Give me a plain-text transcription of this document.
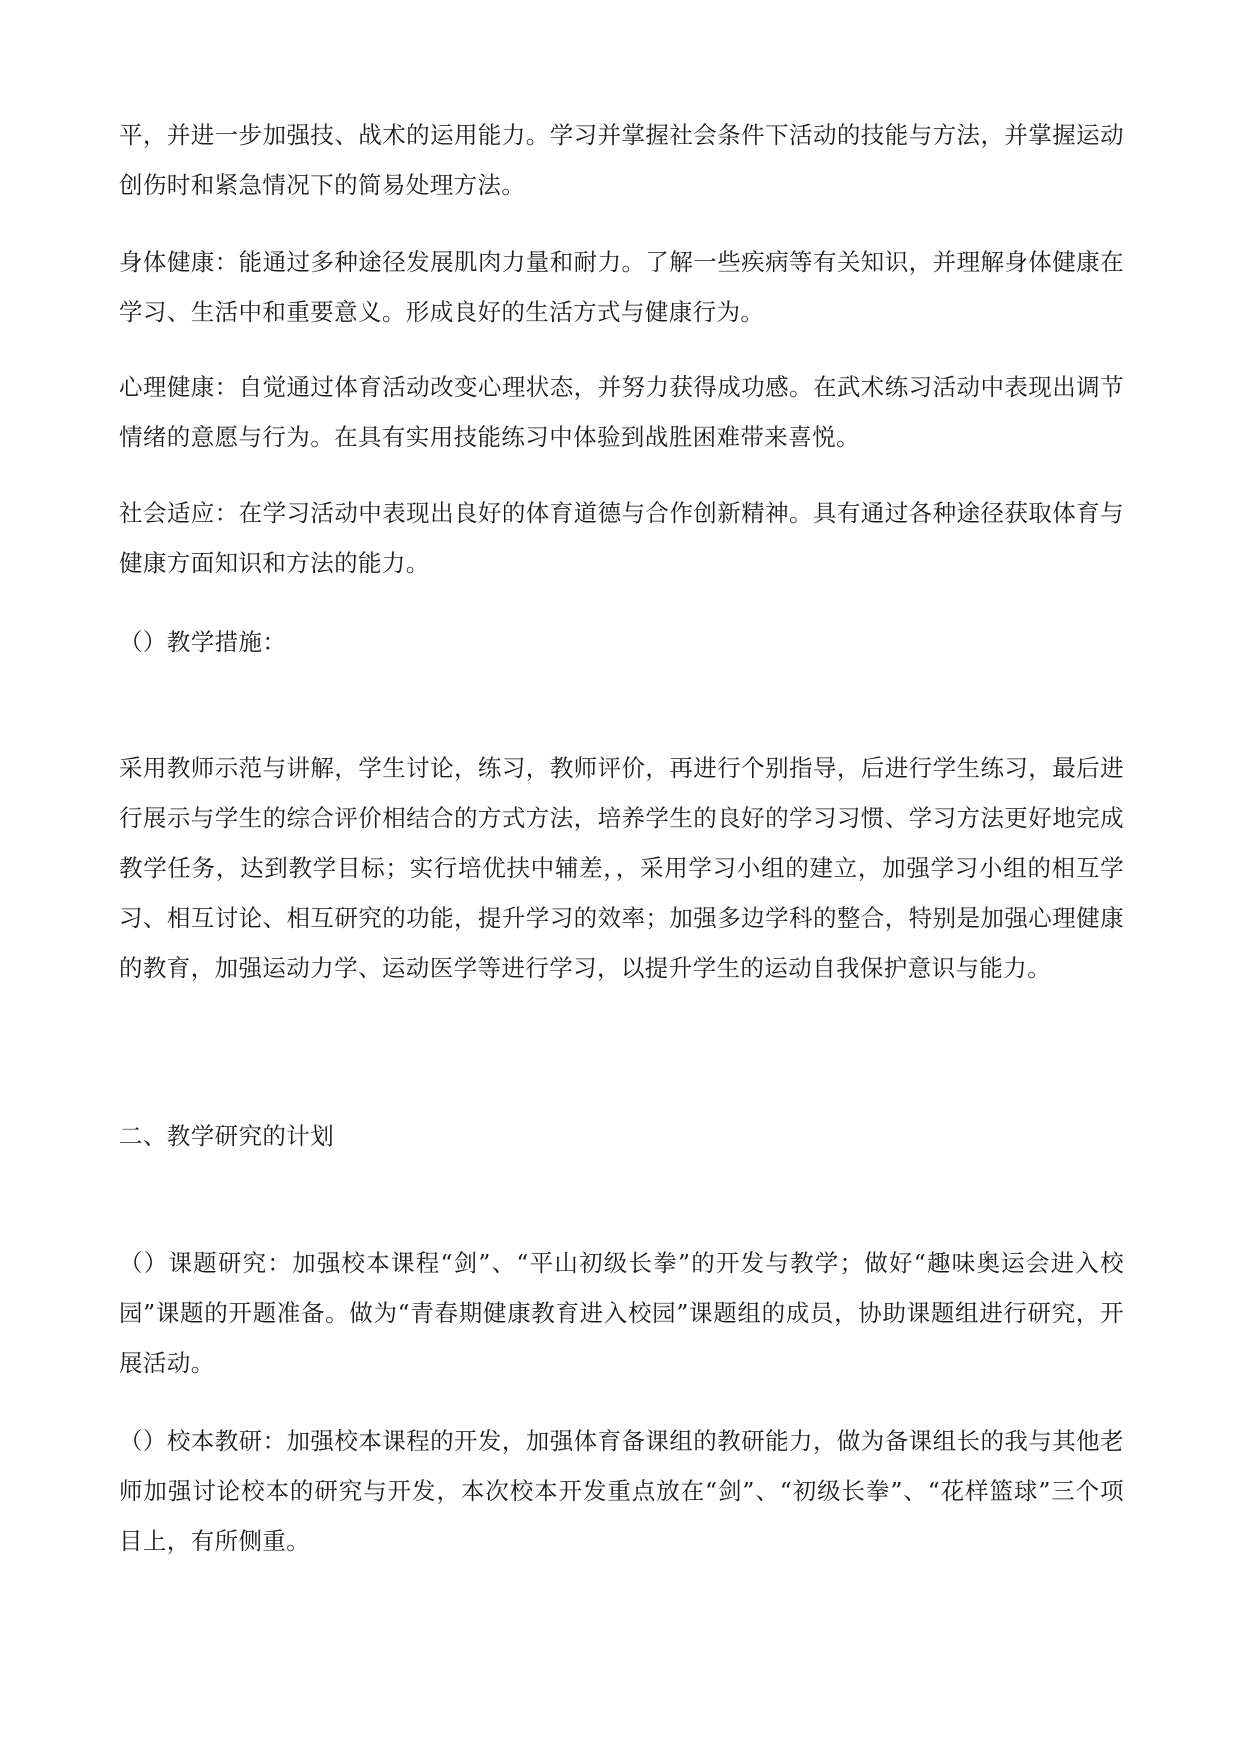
平，并进一步加强技、战术的运用能力。学习并掌握社会条件下活动的技能与方法，并掌握运动创伤时和紧急情况下的简易处理方法。

身体健康：能通过多种途径发展肌肉力量和耐力。了解一些疾病等有关知识，并理解身体健康在学习、生活中和重要意义。形成良好的生活方式与健康行为。

心理健康：自觉通过体育活动改变心理状态，并努力获得成功感。在武术练习活动中表现出调节情绪的意愿与行为。在具有实用技能练习中体验到战胜困难带来喜悦。

社会适应：在学习活动中表现出良好的体育道德与合作创新精神。具有通过各种途径获取体育与健康方面知识和方法的能力。

（）教学措施：

采用教师示范与讲解，学生讨论，练习，教师评价，再进行个别指导，后进行学生练习，最后进行展示与学生的综合评价相结合的方式方法，培养学生的良好的学习习惯、学习方法更好地完成教学任务，达到教学目标；实行培优扶中辅差，，采用学习小组的建立，加强学习小组的相互学习、相互讨论、相互研究的功能，提升学习的效率；加强多边学科的整合，特别是加强心理健康的教育，加强运动力学、运动医学等进行学习，以提升学生的运动自我保护意识与能力。

二、教学研究的计划

（）课题研究：加强校本课程“剑”、“平山初级长拳”的开发与教学；做好“趣味奥运会进入校园”课题的开题准备。做为“青春期健康教育进入校园”课题组的成员，协助课题组进行研究，开展活动。

（）校本教研：加强校本课程的开发，加强体育备课组的教研能力，做为备课组长的我与其他老师加强讨论校本的研究与开发，本次校本开发重点放在“剑”、“初级长拳”、“花样篮球”三个项目上，有所侧重。
